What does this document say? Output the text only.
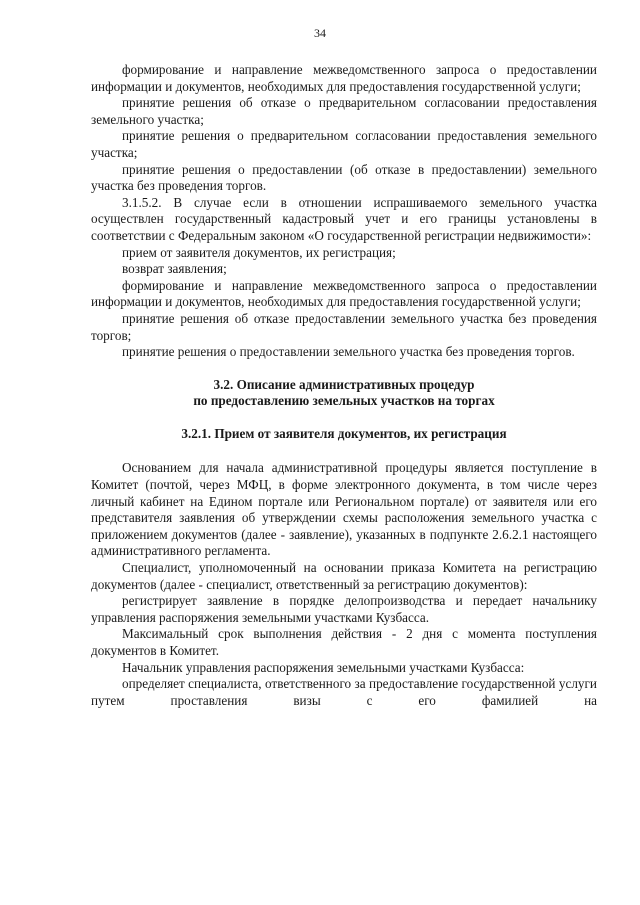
34
формирование и направление межведомственного запроса о предоставлении информации и документов, необходимых для предоставления государственной услуги;
принятие решения об отказе о предварительном согласовании предоставления земельного участка;
принятие решения о предварительном согласовании предоставления земельного участка;
принятие решения о предоставлении (об отказе в предоставлении) земельного участка без проведения торгов.
3.1.5.2. В случае если в отношении испрашиваемого земельного участка осуществлен государственный кадастровый учет и его границы установлены в соответствии с Федеральным законом «О государственной регистрации недвижимости»:
прием от заявителя документов, их регистрация;
возврат заявления;
формирование и направление межведомственного запроса о предоставлении информации и документов, необходимых для предоставления государственной услуги;
принятие решения об отказе предоставлении земельного участка без проведения торгов;
принятие решения о предоставлении земельного участка без проведения торгов.
3.2. Описание административных процедур
по предоставлению земельных участков на торгах
3.2.1. Прием от заявителя документов, их регистрация
Основанием для начала административной процедуры является поступление в Комитет (почтой, через МФЦ, в форме электронного документа, в том числе через личный кабинет на Едином портале или Региональном портале) от заявителя или его представителя заявления об утверждении схемы расположения земельного участка с приложением документов (далее - заявление), указанных в подпункте 2.6.2.1 настоящего административного регламента.
Специалист, уполномоченный на основании приказа Комитета на регистрацию документов (далее - специалист, ответственный за регистрацию документов):
регистрирует заявление в порядке делопроизводства и передает начальнику управления распоряжения земельными участками Кузбасса.
Максимальный срок выполнения действия - 2 дня с момента поступления документов в Комитет.
Начальник управления распоряжения земельными участками Кузбасса:
определяет специалиста, ответственного за предоставление государственной услуги путем проставления визы с его фамилией на
